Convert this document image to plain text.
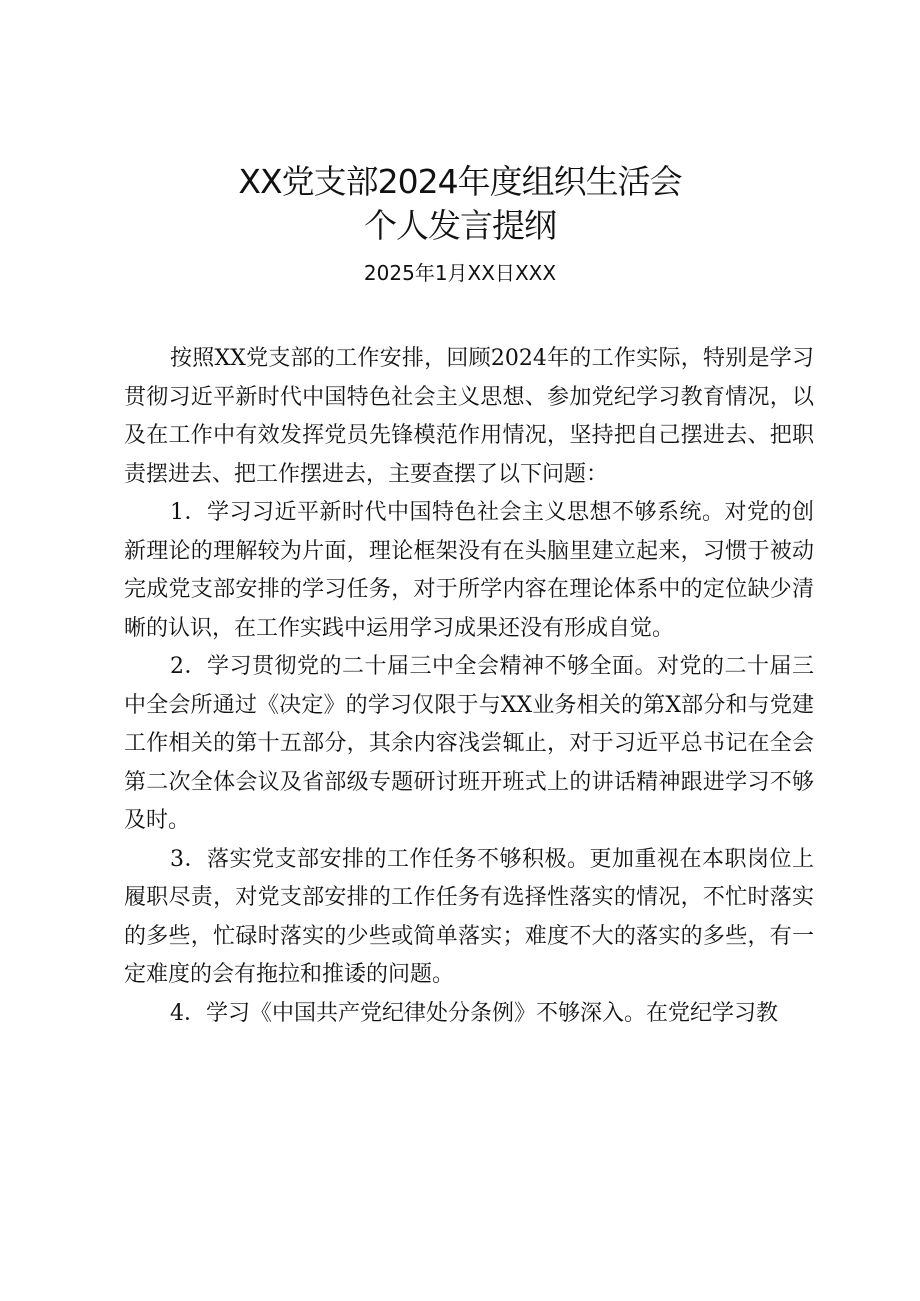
XX党支部2024年度组织生活会
个人发言提纲
2025年1月XX日XXX

按照XX党支部的工作安排，回顾2024年的工作实际，特别是学习贯彻习近平新时代中国特色社会主义思想、参加党纪学习教育情况，以及在工作中有效发挥党员先锋模范作用情况，坚持把自己摆进去、把职责摆进去、把工作摆进去，主要查摆了以下问题：

1．学习习近平新时代中国特色社会主义思想不够系统。对党的创新理论的理解较为片面，理论框架没有在头脑里建立起来，习惯于被动完成党支部安排的学习任务，对于所学内容在理论体系中的定位缺少清晰的认识，在工作实践中运用学习成果还没有形成自觉。

2．学习贯彻党的二十届三中全会精神不够全面。对党的二十届三中全会所通过《决定》的学习仅限于与XX业务相关的第X部分和与党建工作相关的第十五部分，其余内容浅尝辄止，对于习近平总书记在全会第二次全体会议及省部级专题研讨班开班式上的讲话精神跟进学习不够及时。

3．落实党支部安排的工作任务不够积极。更加重视在本职岗位上履职尽责，对党支部安排的工作任务有选择性落实的情况，不忙时落实的多些，忙碌时落实的少些或简单落实；难度不大的落实的多些，有一定难度的会有拖拉和推诿的问题。

4．学习《中国共产党纪律处分条例》不够深入。在党纪学习教
